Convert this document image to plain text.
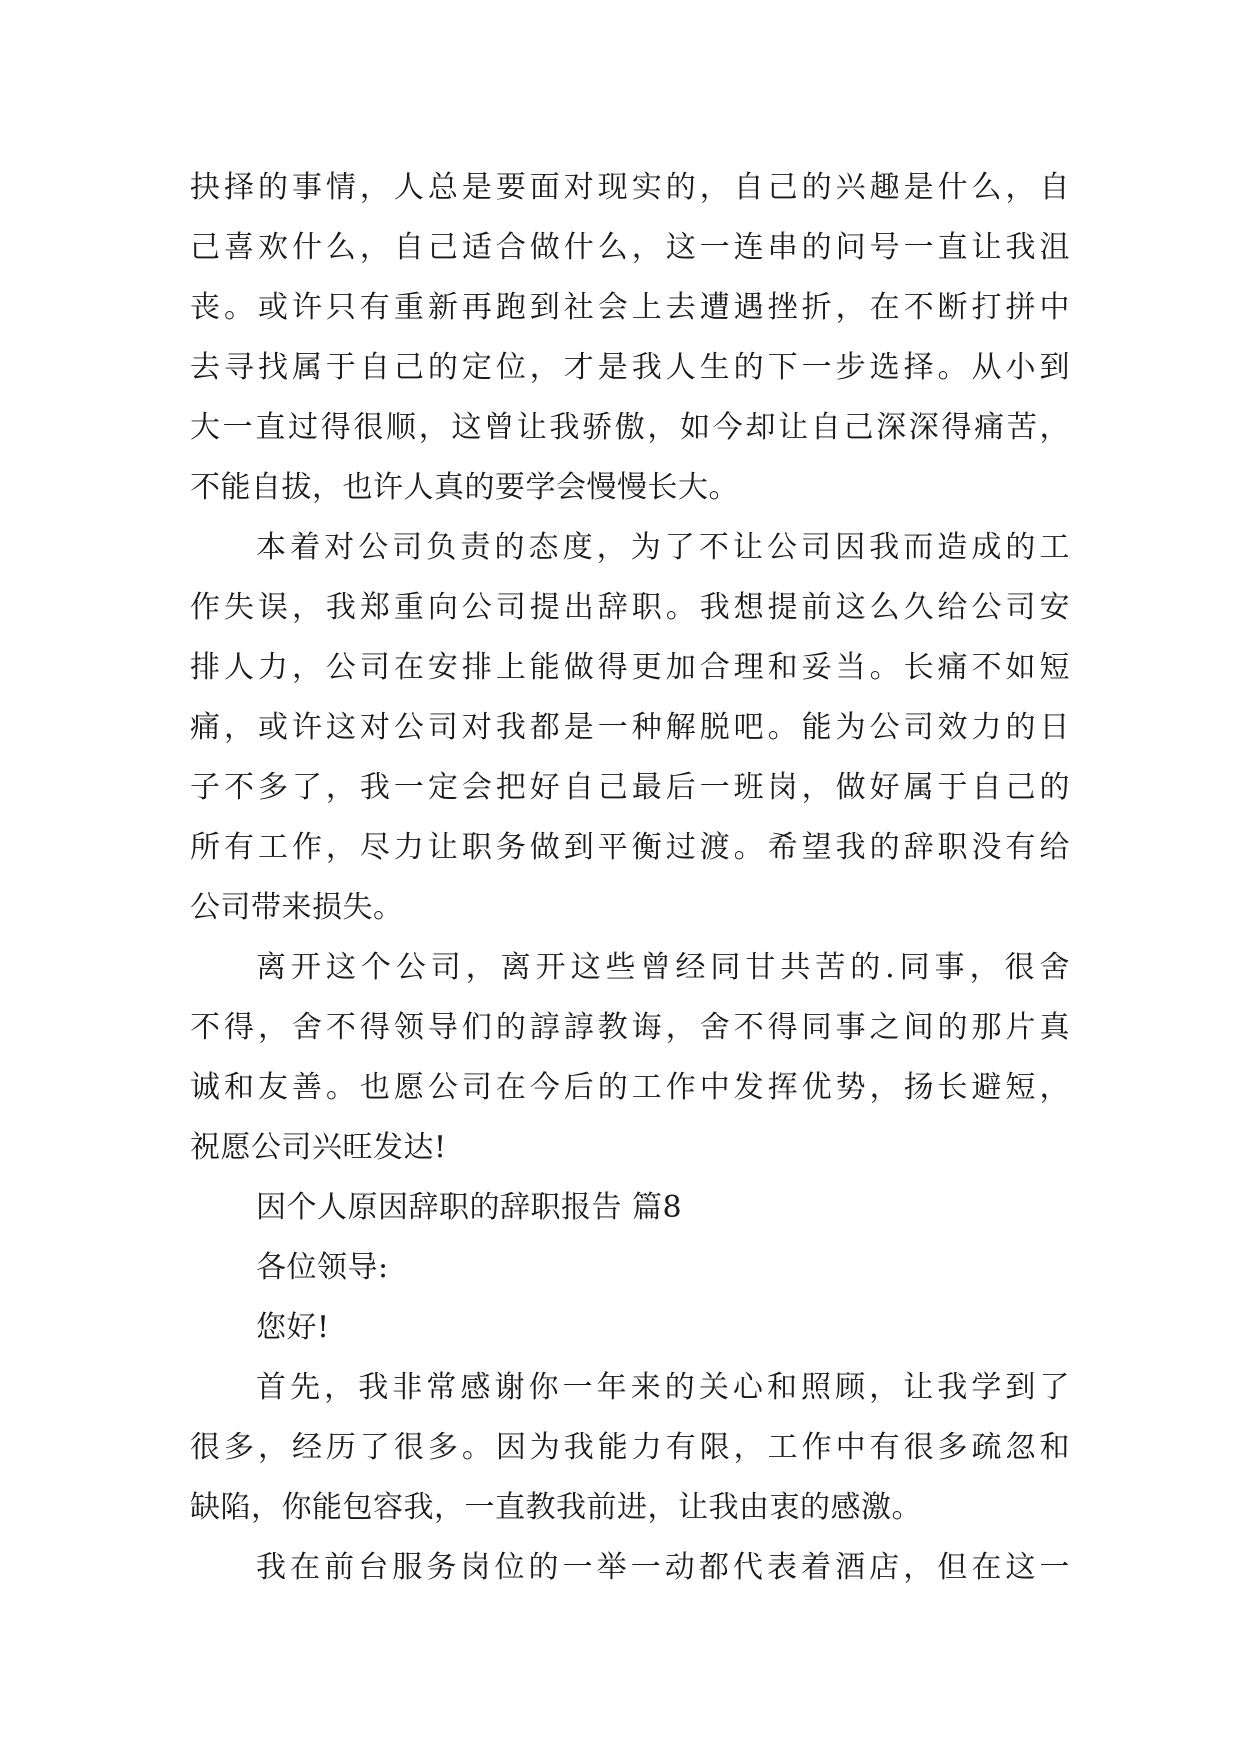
抉择的事情，人总是要面对现实的，自己的兴趣是什么，自
己喜欢什么，自己适合做什么，这一连串的问号一直让我沮
丧。或许只有重新再跑到社会上去遭遇挫折，在不断打拼中
去寻找属于自己的定位，才是我人生的下一步选择。从小到
大一直过得很顺，这曾让我骄傲，如今却让自己深深得痛苦，
不能自拔，也许人真的要学会慢慢长大。
本着对公司负责的态度，为了不让公司因我而造成的工
作失误，我郑重向公司提出辞职。我想提前这么久给公司安
排人力，公司在安排上能做得更加合理和妥当。长痛不如短
痛，或许这对公司对我都是一种解脱吧。能为公司效力的日
子不多了，我一定会把好自己最后一班岗，做好属于自己的
所有工作，尽力让职务做到平衡过渡。希望我的辞职没有给
公司带来损失。
离开这个公司，离开这些曾经同甘共苦的.同事，很舍
不得，舍不得领导们的諄諄教诲，舍不得同事之间的那片真
诚和友善。也愿公司在今后的工作中发挥优势，扬长避短，
祝愿公司兴旺发达!
因个人原因辞职的辞职报告 篇8
各位领导:
您好!
首先，我非常感谢你一年来的关心和照顾，让我学到了
很多，经历了很多。因为我能力有限，工作中有很多疏忽和
缺陷，你能包容我，一直教我前进，让我由衷的感激。
我在前台服务岗位的一举一动都代表着酒店，但在这一
